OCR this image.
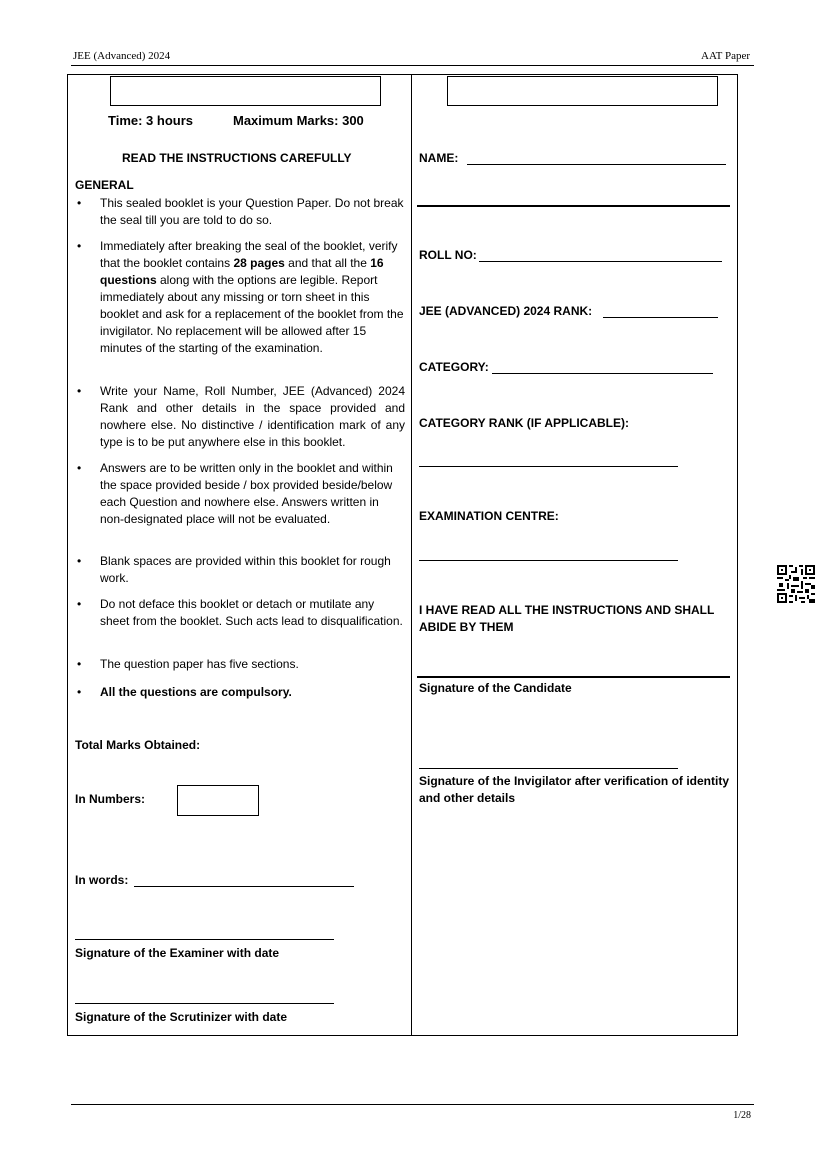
JEE (Advanced) 2024	AAT Paper
Time: 3 hours	Maximum Marks: 300
READ THE INSTRUCTIONS CAREFULLY
GENERAL
• This sealed booklet is your Question Paper. Do not break the seal till you are told to do so.
• Immediately after breaking the seal of the booklet, verify that the booklet contains 28 pages and that all the 16 questions along with the options are legible. Report immediately about any missing or torn sheet in this booklet and ask for a replacement of the booklet from the invigilator. No replacement will be allowed after 15 minutes of the starting of the examination.
• Write your Name, Roll Number, JEE (Advanced) 2024 Rank and other details in the space provided and nowhere else. No distinctive / identification mark of any type is to be put anywhere else in this booklet.
• Answers are to be written only in the booklet and within the space provided beside / box provided beside/below each Question and nowhere else. Answers written in non-designated place will not be evaluated.
• Blank spaces are provided within this booklet for rough work.
• Do not deface this booklet or detach or mutilate any sheet from the booklet. Such acts lead to disqualification.
• The question paper has five sections.
• All the questions are compulsory.
Total Marks Obtained:
In Numbers:
In words:
Signature of the Examiner with date
Signature of the Scrutinizer with date
NAME:
ROLL NO:
JEE (ADVANCED) 2024 RANK:
CATEGORY:
CATEGORY RANK (IF APPLICABLE):
EXAMINATION CENTRE:
I HAVE READ ALL THE INSTRUCTIONS AND SHALL ABIDE BY THEM
Signature of the Candidate
Signature of the Invigilator after verification of identity and other details
1/28
